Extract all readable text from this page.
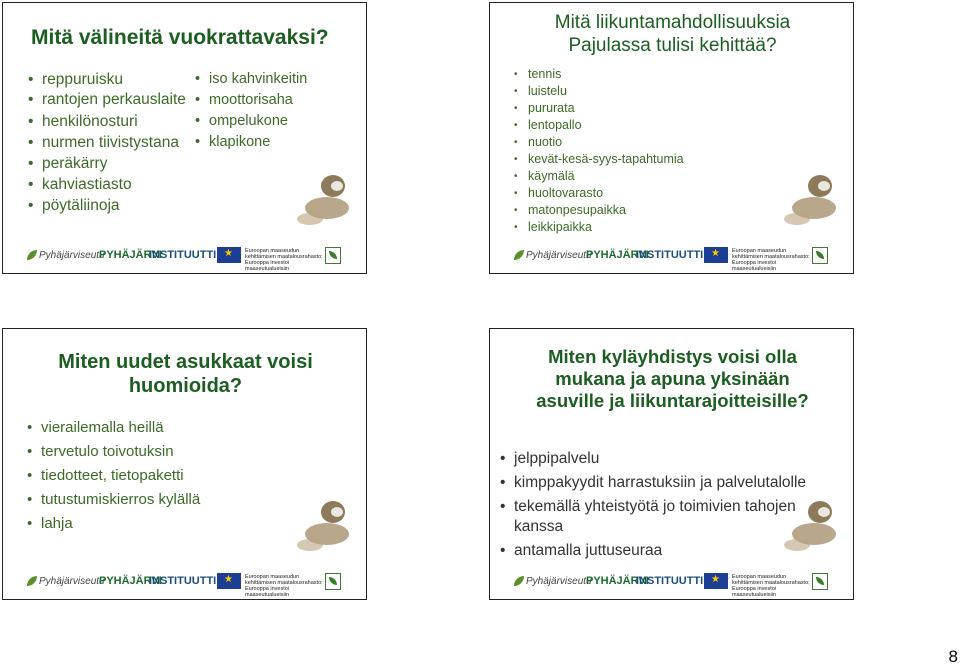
Mitä välineitä vuokrattavaksi?
• reppuruisku
• rantojen perkauslaite
• henkilönosturi
• nurmen tiivistystana
• peräkärry
• kahviastiasto
• pöytäliinoja
• iso kahvinkeitin
• moottorisaha
• ompelukone
• klapikone
Pyhäjärviseutu
PYHÄJÄRVI
INSTITUUTTI ★	Euroopan maaseudun
kehittämisen maatalousrahasto:
Eurooppa investoi maaseutualueisiin
Mitä liikuntamahdollisuuksia
Pajulassa tulisi kehittää?
• tennis
• luistelu
• pururata
• lentopallo
• nuotio
• kevät-kesä-syys-tapahtumia
• käymälä
• huoltovarasto
• matonpesupaikka
• leikkipaikka
Pyhäjärviseutu
PYHÄJÄRVI
INSTITUUTTI ★	Euroopan maaseudun
kehittämisen maatalousrahasto:
Eurooppa investoi maaseutualueisiin
Miten uudet asukkaat voisi
huomioida?
• vierailemalla heillä
• tervetulo toivotuksin
• tiedotteet, tietopaketti
• tutustumiskierros kylällä
• lahja
Pyhäjärviseutu
PYHÄJÄRVI
INSTITUUTTI ★	Euroopan maaseudun
kehittämisen maatalousrahasto:
Eurooppa investoi maaseutualueisiin
Miten kyläyhdistys voisi olla
mukana ja apuna yksinään
asuville ja liikuntarajoitteisille?
• jelppipalvelu
• kimppakyydit harrastuksiin ja palvelutalolle
• tekemällä yhteistyötä jo toimivien tahojen kanssa
• antamalla juttuseuraa
Pyhäjärviseutu
PYHÄJÄRVI
INSTITUUTTI ★	Euroopan maaseudun
kehittämisen maatalousrahasto:
Eurooppa investoi maaseutualueisiin
8
